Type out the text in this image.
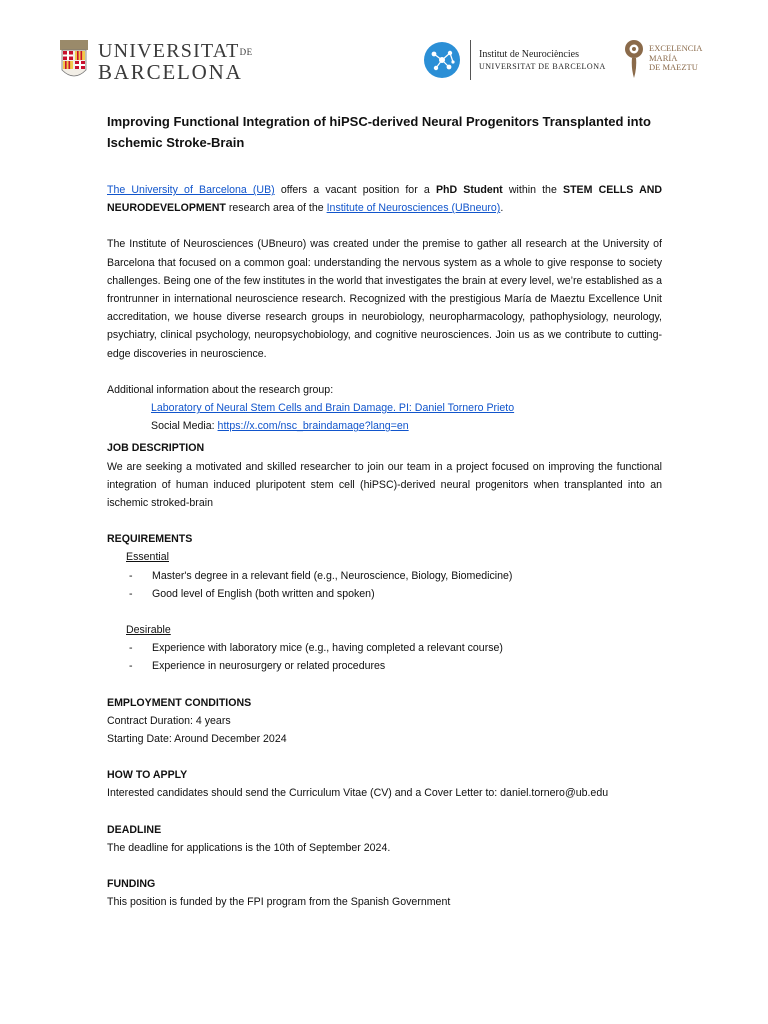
UNIVERSITATDE
BARCELONA
Institut de Neurociències
UNIVERSITAT DE BARCELONA
EXCELENCIA
MARÍA
DE MAEZTU
Improving Functional Integration of hiPSC-derived Neural Progenitors Transplanted into Ischemic Stroke-Brain

The University of Barcelona (UB) offers a vacant position for a PhD Student within the STEM CELLS AND NEURODEVELOPMENT research area of the Institute of Neurosciences (UBneuro).

The Institute of Neurosciences (UBneuro) was created under the premise to gather all research at the University of Barcelona that focused on a common goal: understanding the nervous system as a whole to give response to society challenges. Being one of the few institutes in the world that investigates the brain at every level, we’re established as a frontrunner in international neuroscience research. Recognized with the prestigious María de Maeztu Excellence Unit accreditation, we house diverse research groups in neurobiology, neuropharmacology, pathophysiology, neurology, psychiatry, clinical psychology, neuropsychobiology, and cognitive neurosciences. Join us as we contribute to cutting-edge discoveries in neuroscience.

Additional information about the research group:
Laboratory of Neural Stem Cells and Brain Damage. PI: Daniel Tornero Prieto
Social Media: https://x.com/nsc_braindamage?lang=en
JOB DESCRIPTION

We are seeking a motivated and skilled researcher to join our team in a project focused on improving the functional integration of human induced pluripotent stem cell (hiPSC)-derived neural progenitors when transplanted into an ischemic stroked-brain

REQUIREMENTS
Essential
- Master's degree in a relevant field (e.g., Neuroscience, Biology, Biomedicine)
- Good level of English (both written and spoken)
Desirable
- Experience with laboratory mice (e.g., having completed a relevant course)
- Experience in neurosurgery or related procedures
EMPLOYMENT CONDITIONS
Contract Duration: 4 years
Starting Date: Around December 2024
HOW TO APPLY
Interested candidates should send the Curriculum Vitae (CV) and a Cover Letter to: daniel.tornero@ub.edu
DEADLINE
The deadline for applications is the 10th of September 2024.
FUNDING
This position is funded by the FPI program from the Spanish Government
